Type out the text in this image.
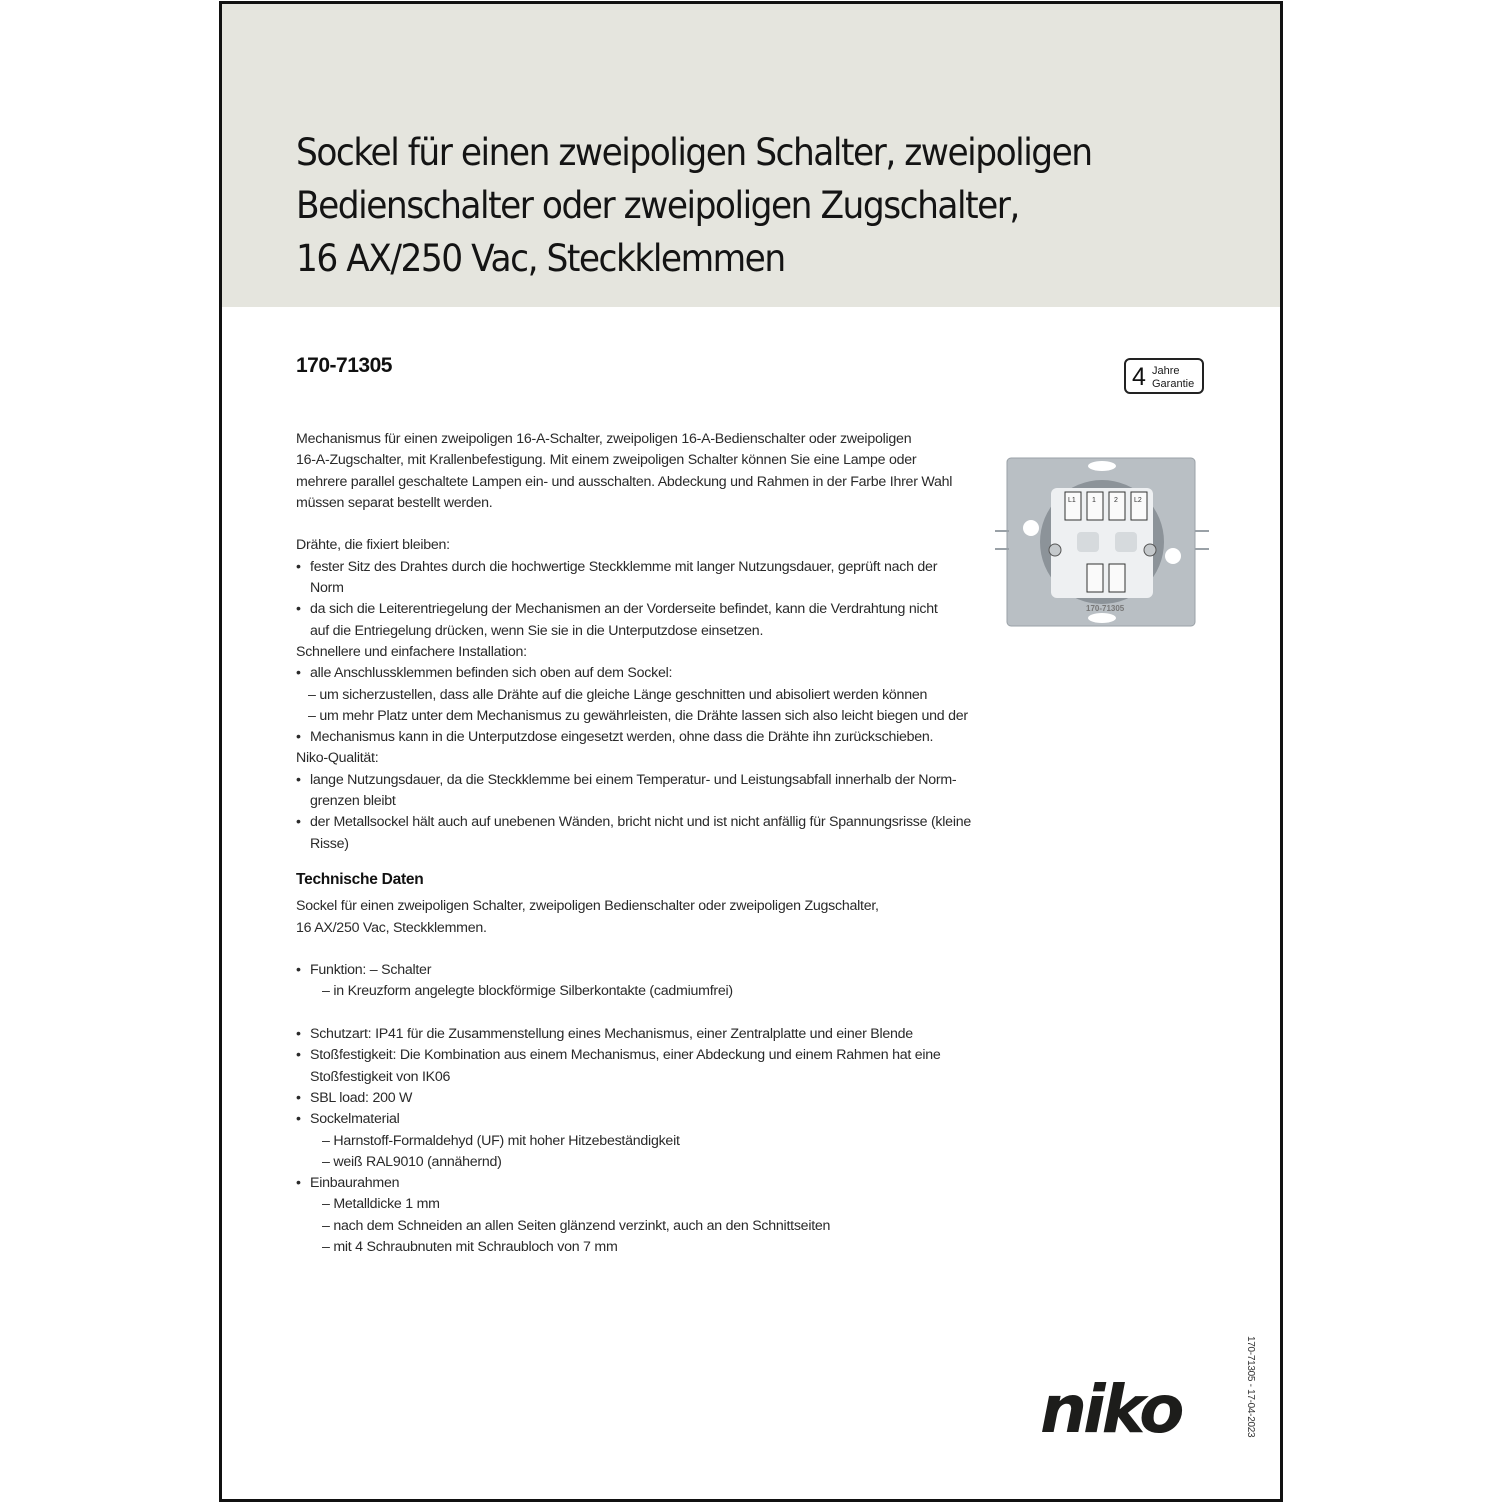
Sockel für einen zweipoligen Schalter, zweipoligen
Bedienschalter oder zweipoligen Zugschalter,
16 AX/250 Vac, Steckklemmen
170-71305	4 Jahre
Garantie
L1 1	2 L2
170-71305

Mechanismus für einen zweipoligen 16-A-Schalter, zweipoligen 16-A-Bedienschalter oder zweipoligen

16-A-Zugschalter, mit Krallenbefestigung. Mit einem zweipoligen Schalter können Sie eine Lampe oder

mehrere parallel geschaltete Lampen ein- und ausschalten. Abdeckung und Rahmen in der Farbe Ihrer Wahl

müssen separat bestellt werden.

Drähte, die fixiert bleiben:

• fester Sitz des Drahtes durch die hochwertige Steckklemme mit langer Nutzungsdauer, geprüft nach der
Norm
• da sich die Leiterentriegelung der Mechanismen an der Vorderseite befindet, kann die Verdrahtung nicht
auf die Entriegelung drücken, wenn Sie sie in die Unterputzdose einsetzen.

Schnellere und einfachere Installation:

• alle Anschlussklemmen befinden sich oben auf dem Sockel:

– um sicherzustellen, dass alle Drähte auf die gleiche Länge geschnitten und abisoliert werden können

– um mehr Platz unter dem Mechanismus zu gewährleisten, die Drähte lassen sich also leicht biegen und der

• Mechanismus kann in die Unterputzdose eingesetzt werden, ohne dass die Drähte ihn zurückschieben.

Niko-Qualität:

• lange Nutzungsdauer, da die Steckklemme bei einem Temperatur- und Leistungsabfall innerhalb der Norm-
grenzen bleibt
• der Metallsockel hält auch auf unebenen Wänden, bricht nicht und ist nicht anfällig für Spannungsrisse (kleine
Risse)

Technische Daten

Sockel für einen zweipoligen Schalter, zweipoligen Bedienschalter oder zweipoligen Zugschalter,

16 AX/250 Vac, Steckklemmen.

• Funktion: – Schalter
– in Kreuzform angelegte blockförmige Silberkontakte (cadmiumfrei)
• Schutzart: IP41 für die Zusammenstellung eines Mechanismus, einer Zentralplatte und einer Blende
• Stoßfestigkeit: Die Kombination aus einem Mechanismus, einer Abdeckung und einem Rahmen hat eine
Stoßfestigkeit von IK06
• SBL load: 200 W
• Sockelmaterial
– Harnstoff-Formaldehyd (UF) mit hoher Hitzebeständigkeit
– weiß RAL9010 (annähernd)
• Einbaurahmen
– Metalldicke 1 mm
– nach dem Schneiden an allen Seiten glänzend verzinkt, auch an den Schnittseiten
– mit 4 Schraubnuten mit Schraubloch von 7 mm
niko	170-71305 - 17-04-2023
